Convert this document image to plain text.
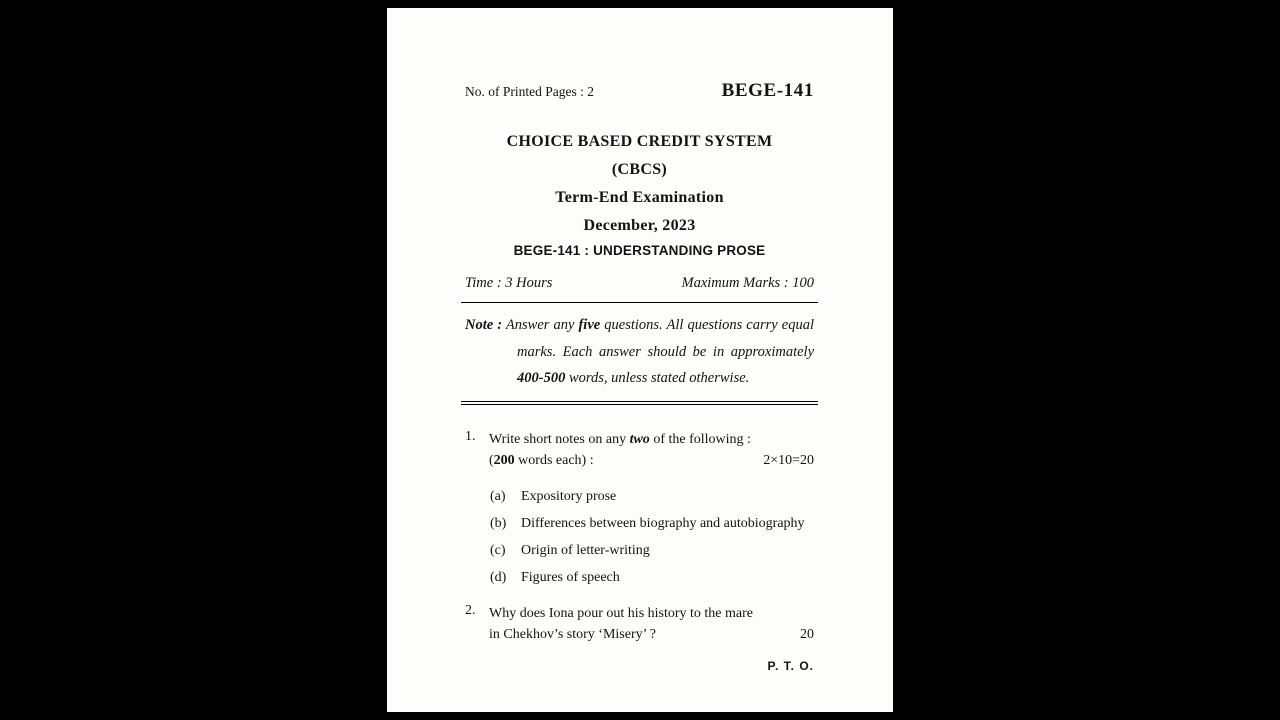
No. of Printed Pages : 2	BEGE-141
CHOICE BASED CREDIT SYSTEM
(CBCS)
Term-End Examination
December, 2023
BEGE-141 : UNDERSTANDING PROSE
Time : 3 Hours	Maximum Marks : 100
Note : Answer any five questions. All questions carry equal marks. Each answer should be in approximately 400-500 words, unless stated otherwise.
1. Write short notes on any two of the following :
(200 words each) :	2×10=20
(a)	Expository prose
(b)	Differences between biography and autobiography
(c)	Origin of letter-writing
(d)	Figures of speech
2. Why does Iona pour out his history to the mare
in Chekhov’s story ‘Misery’ ?	20
P. T. O.
